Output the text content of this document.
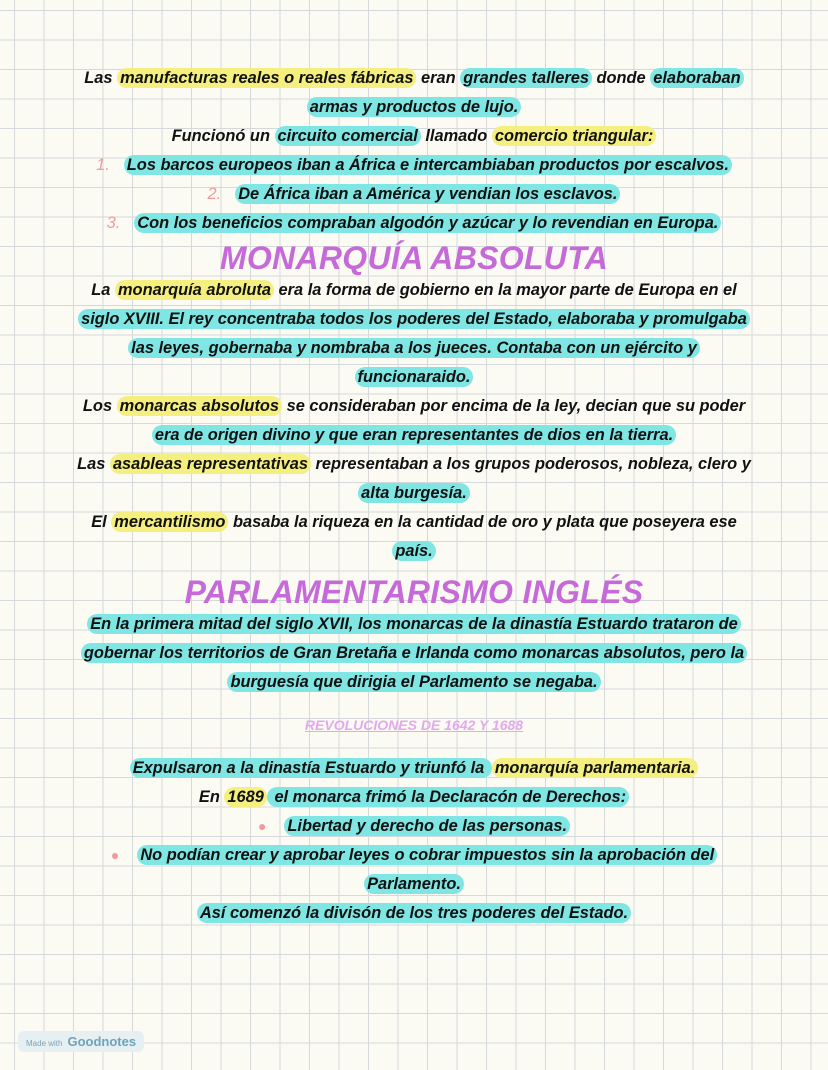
Las manufacturas reales o reales fábricas eran grandes talleres donde elaboraban

armas y productos de lujo.

Funcionó un circuito comercial llamado comercio triangular:

1. Los barcos europeos iban a África e intercambiaban productos por escalvos.

2. De África iban a América y vendian los esclavos.

3. Con los beneficios compraban algodón y azúcar y lo revendian en Europa.

MONARQUÍA ABSOLUTA

La monarquía abroluta era la forma de gobierno en la mayor parte de Europa en el

siglo XVIII. El rey concentraba todos los poderes del Estado, elaboraba y promulgaba

las leyes, gobernaba y nombraba a los jueces. Contaba con un ejército y

funcionaraido.

Los monarcas absolutos se consideraban por encima de la ley, decian que su poder

era de origen divino y que eran representantes de dios en la tierra.

Las asableas representativas representaban a los grupos poderosos, nobleza, clero y

alta burgesía.

El mercantilismo basaba la riqueza en la cantidad de oro y plata que poseyera ese

país.

PARLAMENTARISMO INGLÉS

En la primera mitad del siglo XVII, los monarcas de la dinastía Estuardo trataron de

gobernar los territorios de Gran Bretaña e Irlanda como monarcas absolutos, pero la

burguesía que dirigia el Parlamento se negaba.

REVOLUCIONES DE 1642 Y 1688

Expulsaron a la dinastía Estuardo y triunfó la monarquía parlamentaria.

En 1689 el monarca frimó la Declaracón de Derechos:

● Libertad y derecho de las personas.

● No podían crear y aprobar leyes o cobrar impuestos sin la aprobación del

Parlamento.

Así comenzó la divisón de los tres poderes del Estado.

Made with Goodnotes
